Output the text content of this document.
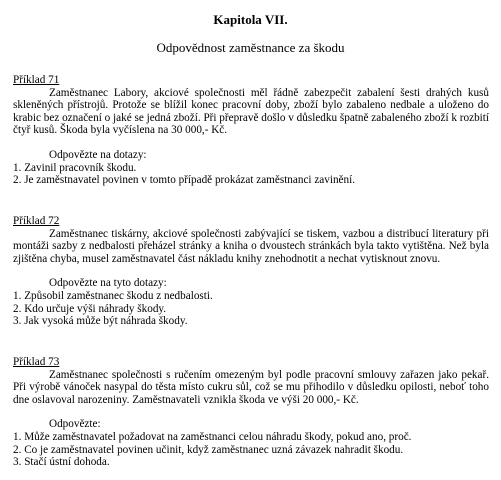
Kapitola VII.
Odpovědnost zaměstnance za škodu

Příklad 71

Zaměstnanec Labory, akciové společnosti měl řádně zabezpečit zabalení šesti drahých kusů skleněných přístrojů. Protože se blížil konec pracovní doby, zboží bylo zabaleno nedbale a uloženo do krabic bez označení o jaké se jedná zboží. Při přepravě došlo v důsledku špatně zabaleného zboží k rozbití čtyř kusů. Škoda byla vyčíslena na 30 000,- Kč.

Odpovězte na dotazy:

1. Zavinil pracovník škodu.
2. Je zaměstnavatel povinen v tomto případě prokázat zaměstnanci zavinění.

Příklad 72

Zaměstnanec tiskárny, akciové společnosti zabývající se tiskem, vazbou a distribucí literatury při montáži sazby z nedbalosti přeházel stránky a kniha o dvoustech stránkách byla takto vytištěna. Než byla zjištěna chyba, musel zaměstnavatel část nákladu knihy znehodnotit a nechat vytisknout znovu.

Odpovězte na tyto dotazy:

1. Způsobil zaměstnanec škodu z nedbalosti.
2. Kdo určuje výši náhrady škody.
3. Jak vysoká může být náhrada škody.

Příklad 73

Zaměstnanec společnosti s ručením omezeným byl podle pracovní smlouvy zařazen jako pekař. Při výrobě vánoček nasypal do těsta místo cukru sůl, což se mu přihodilo v důsledku opilosti, neboť toho dne oslavoval narozeniny. Zaměstnavateli vznikla škoda ve výši 20 000,- Kč.

Odpovězte:

1. Může zaměstnavatel požadovat na zaměstnanci celou náhradu škody, pokud ano, proč.
2. Co je zaměstnavatel povinen učinit, když zaměstnanec uzná závazek nahradit škodu.
3. Stačí ústní dohoda.
